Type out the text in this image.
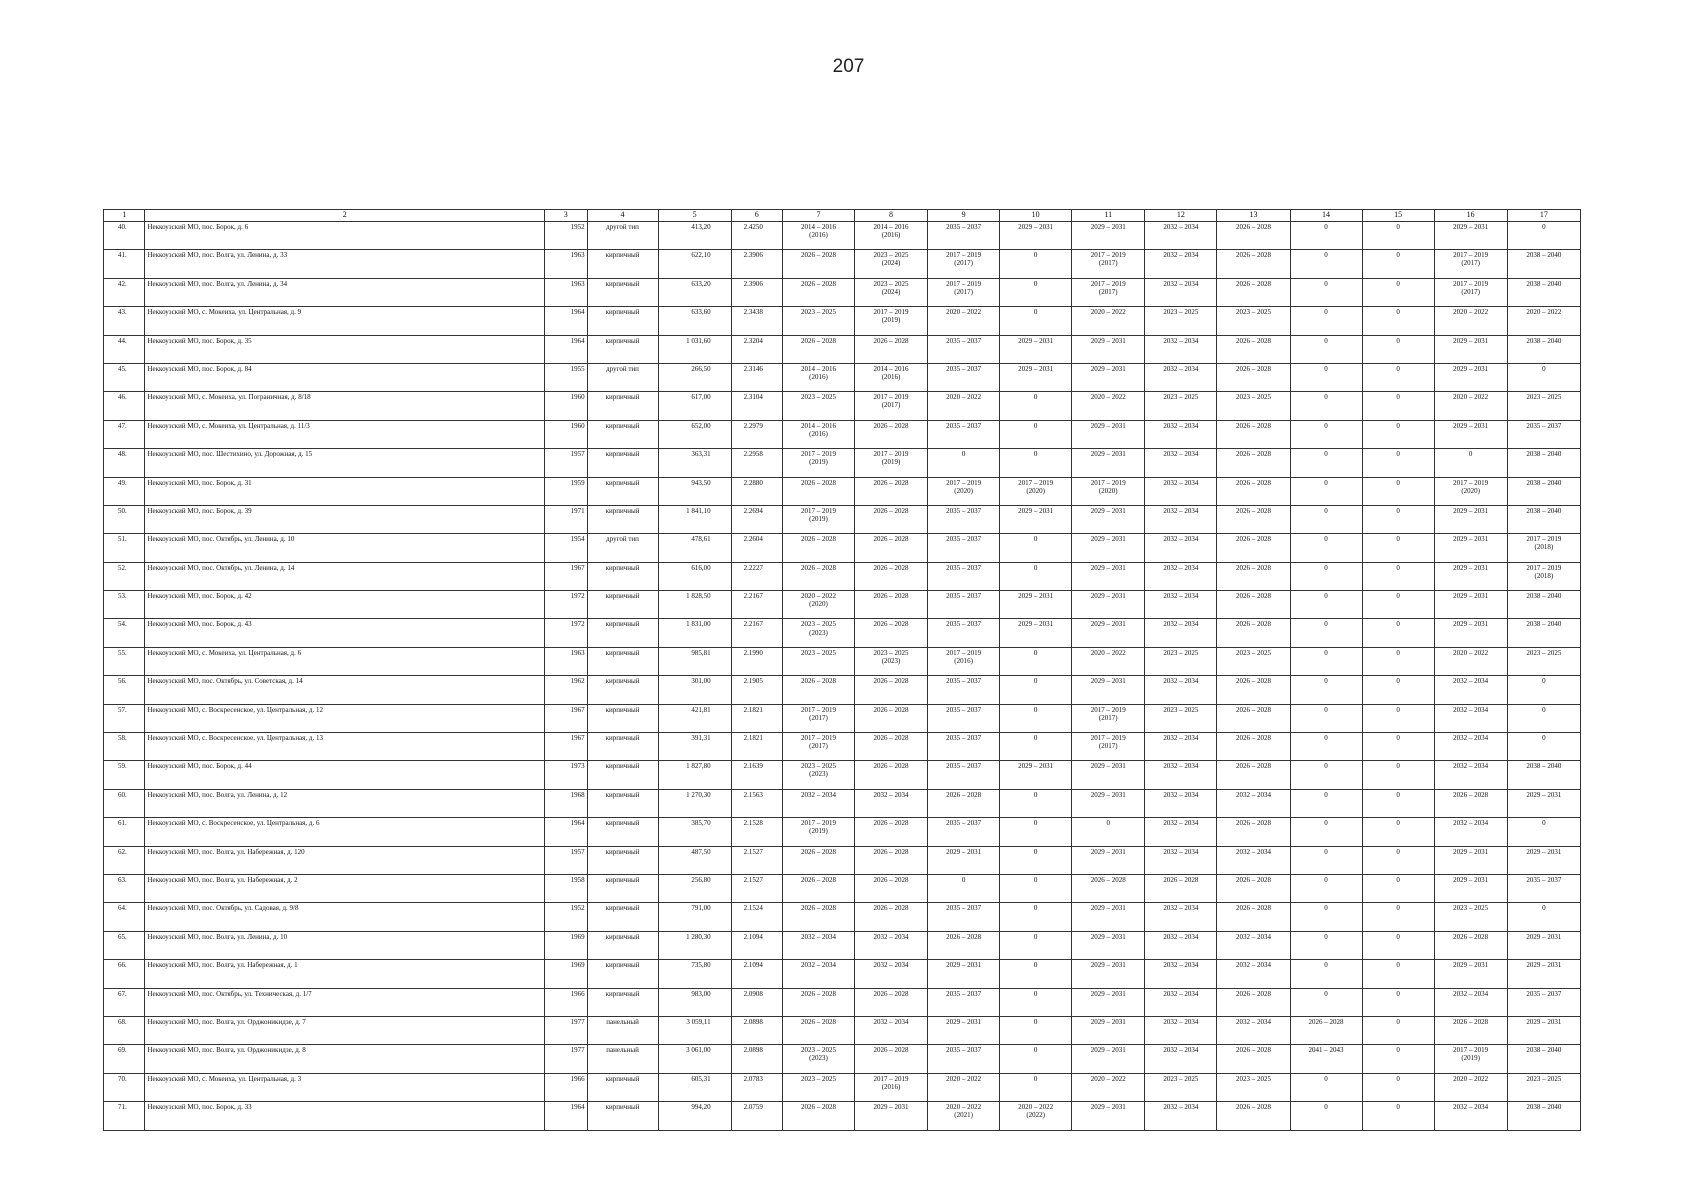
207
1	2	3	4	5	6	7	8	9	10	11	12	13	14	15	16	17
40.	Неккоузский МО, пос. Борок, д. 6	1952	другой тип	413,20	2.4250	2014 – 2016
(2016)	2014 – 2016
(2016)	2035 – 2037	2029 – 2031	2029 – 2031	2032 – 2034	2026 – 2028	0	0	2029 – 2031	0
41.	Неккоузский МО, пос. Волга, ул. Ленина, д. 33	1963	кирпичный	622,10	2.3906	2026 – 2028	2023 – 2025
(2024)	2017 – 2019
(2017)	0	2017 – 2019
(2017)	2032 – 2034	2026 – 2028	0	0	2017 – 2019
(2017)	2038 – 2040
42.	Неккоузский МО, пос. Волга, ул. Ленина, д. 34	1963	кирпичный	633,20	2.3906	2026 – 2028	2023 – 2025
(2024)	2017 – 2019
(2017)	0	2017 – 2019
(2017)	2032 – 2034	2026 – 2028	0	0	2017 – 2019
(2017)	2038 – 2040
43.	Неккоузский МО, с. Мокеиха, ул. Центральная, д. 9	1964	кирпичный	633,60	2.3438	2023 – 2025	2017 – 2019
(2019)	2020 – 2022	0	2020 – 2022	2023 – 2025	2023 – 2025	0	0	2020 – 2022	2020 – 2022
44.	Неккоузский МО, пос. Борок, д. 35	1964	кирпичный	1 031,60	2.3204	2026 – 2028	2026 – 2028	2035 – 2037	2029 – 2031	2029 – 2031	2032 – 2034	2026 – 2028	0	0	2029 – 2031	2038 – 2040
45.	Неккоузский МО, пос. Борок, д. 84	1955	другой тип	266,50	2.3146	2014 – 2016
(2016)	2014 – 2016
(2016)	2035 – 2037	2029 – 2031	2029 – 2031	2032 – 2034	2026 – 2028	0	0	2029 – 2031	0
46.	Неккоузский МО, с. Мокеиха, ул. Пограничная, д. 8/18	1960	кирпичный	617,00	2.3104	2023 – 2025	2017 – 2019
(2017)	2020 – 2022	0	2020 – 2022	2023 – 2025	2023 – 2025	0	0	2020 – 2022	2023 – 2025
47.	Неккоузский МО, с. Мокеиха, ул. Центральная, д. 11/3	1960	кирпичный	652,00	2.2979	2014 – 2016
(2016)	2026 – 2028	2035 – 2037	0	2029 – 2031	2032 – 2034	2026 – 2028	0	0	2029 – 2031	2035 – 2037
48.	Неккоузский МО, пос. Шестихино, ул. Дорожная, д. 15	1957	кирпичный	363,31	2.2958	2017 – 2019
(2019)	2017 – 2019
(2019)	0	0	2029 – 2031	2032 – 2034	2026 – 2028	0	0	0	2038 – 2040
49.	Неккоузский МО, пос. Борок, д. 31	1959	кирпичный	943,50	2.2880	2026 – 2028	2026 – 2028	2017 – 2019
(2020)	2017 – 2019
(2020)	2017 – 2019
(2020)	2032 – 2034	2026 – 2028	0	0	2017 – 2019
(2020)	2038 – 2040
50.	Неккоузский МО, пос. Борок, д. 39	1971	кирпичный	1 841,10	2.2694	2017 – 2019
(2019)	2026 – 2028	2035 – 2037	2029 – 2031	2029 – 2031	2032 – 2034	2026 – 2028	0	0	2029 – 2031	2038 – 2040
51.	Неккоузский МО, пос. Октябрь, ул. Ленина, д. 10	1954	другой тип	478,61	2.2604	2026 – 2028	2026 – 2028	2035 – 2037	0	2029 – 2031	2032 – 2034	2026 – 2028	0	0	2029 – 2031	2017 – 2019
(2018)
52.	Неккоузский МО, пос. Октябрь, ул. Ленина, д. 14	1967	кирпичный	616,00	2.2227	2026 – 2028	2026 – 2028	2035 – 2037	0	2029 – 2031	2032 – 2034	2026 – 2028	0	0	2029 – 2031	2017 – 2019
(2018)
53.	Неккоузский МО, пос. Борок, д. 42	1972	кирпичный	1 828,50	2.2167	2020 – 2022
(2020)	2026 – 2028	2035 – 2037	2029 – 2031	2029 – 2031	2032 – 2034	2026 – 2028	0	0	2029 – 2031	2038 – 2040
54.	Неккоузский МО, пос. Борок, д. 43	1972	кирпичный	1 831,00	2.2167	2023 – 2025
(2023)	2026 – 2028	2035 – 2037	2029 – 2031	2029 – 2031	2032 – 2034	2026 – 2028	0	0	2029 – 2031	2038 – 2040
55.	Неккоузский МО, с. Мокеиха, ул. Центральная, д. 6	1963	кирпичный	985,81	2.1990	2023 – 2025	2023 – 2025
(2023)	2017 – 2019
(2016)	0	2020 – 2022	2023 – 2025	2023 – 2025	0	0	2020 – 2022	2023 – 2025
56.	Неккоузский МО, пос. Октябрь, ул. Советская, д. 14	1962	кирпичный	301,00	2.1905	2026 – 2028	2026 – 2028	2035 – 2037	0	2029 – 2031	2032 – 2034	2026 – 2028	0	0	2032 – 2034	0
57.	Неккоузский МО, с. Воскресенское, ул. Центральная, д. 12	1967	кирпичный	421,81	2.1821	2017 – 2019
(2017)	2026 – 2028	2035 – 2037	0	2017 – 2019
(2017)	2023 – 2025	2026 – 2028	0	0	2032 – 2034	0
58.	Неккоузский МО, с. Воскресенское, ул. Центральная, д. 13	1967	кирпичный	391,31	2.1821	2017 – 2019
(2017)	2026 – 2028	2035 – 2037	0	2017 – 2019
(2017)	2032 – 2034	2026 – 2028	0	0	2032 – 2034	0
59.	Неккоузский МО, пос. Борок, д. 44	1973	кирпичный	1 827,80	2.1639	2023 – 2025
(2023)	2026 – 2028	2035 – 2037	2029 – 2031	2029 – 2031	2032 – 2034	2026 – 2028	0	0	2032 – 2034	2038 – 2040
60.	Неккоузский МО, пос. Волга, ул. Ленина, д. 12	1968	кирпичный	1 270,30	2.1563	2032 – 2034	2032 – 2034	2026 – 2028	0	2029 – 2031	2032 – 2034	2032 – 2034	0	0	2026 – 2028	2029 – 2031
61.	Неккоузский МО, с. Воскресенское, ул. Центральная, д. 6	1964	кирпичный	385,70	2.1528	2017 – 2019
(2019)	2026 – 2028	2035 – 2037	0	0	2032 – 2034	2026 – 2028	0	0	2032 – 2034	0
62.	Неккоузский МО, пос. Волга, ул. Набережная, д. 120	1957	кирпичный	487,50	2.1527	2026 – 2028	2026 – 2028	2029 – 2031	0	2029 – 2031	2032 – 2034	2032 – 2034	0	0	2029 – 2031	2029 – 2031
63.	Неккоузский МО, пос. Волга, ул. Набережная, д. 2	1958	кирпичный	256,80	2.1527	2026 – 2028	2026 – 2028	0	0	2026 – 2028	2026 – 2028	2026 – 2028	0	0	2029 – 2031	2035 – 2037
64.	Неккоузский МО, пос. Октябрь, ул. Садовая, д. 9/8	1952	кирпичный	791,00	2.1524	2026 – 2028	2026 – 2028	2035 – 2037	0	2029 – 2031	2032 – 2034	2026 – 2028	0	0	2023 – 2025	0
65.	Неккоузский МО, пос. Волга, ул. Ленина, д. 10	1969	кирпичный	1 280,30	2.1094	2032 – 2034	2032 – 2034	2026 – 2028	0	2029 – 2031	2032 – 2034	2032 – 2034	0	0	2026 – 2028	2029 – 2031
66.	Неккоузский МО, пос. Волга, ул. Набережная, д. 1	1969	кирпичный	735,80	2.1094	2032 – 2034	2032 – 2034	2029 – 2031	0	2029 – 2031	2032 – 2034	2032 – 2034	0	0	2029 – 2031	2029 – 2031
67.	Неккоузский МО, пос. Октябрь, ул. Техническая, д. 1/7	1966	кирпичный	983,00	2.0908	2026 – 2028	2026 – 2028	2035 – 2037	0	2029 – 2031	2032 – 2034	2026 – 2028	0	0	2032 – 2034	2035 – 2037
68.	Неккоузский МО, пос. Волга, ул. Орджоникидзе, д. 7	1977	панельный	3 059,11	2.0898	2026 – 2028	2032 – 2034	2029 – 2031	0	2029 – 2031	2032 – 2034	2032 – 2034	2026 – 2028	0	2026 – 2028	2029 – 2031
69.	Неккоузский МО, пос. Волга, ул. Орджоникидзе, д. 8	1977	панельный	3 061,00	2.0898	2023 – 2025
(2023)	2026 – 2028	2035 – 2037	0	2029 – 2031	2032 – 2034	2026 – 2028	2041 – 2043	0	2017 – 2019
(2019)	2038 – 2040
70.	Неккоузский МО, с. Мокеиха, ул. Центральная, д. 3	1966	кирпичный	605,31	2.0783	2023 – 2025	2017 – 2019
(2016)	2020 – 2022	0	2020 – 2022	2023 – 2025	2023 – 2025	0	0	2020 – 2022	2023 – 2025
71.	Неккоузский МО, пос. Борок, д. 33	1964	кирпичный	994,20	2.0759	2026 – 2028	2029 – 2031	2020 – 2022
(2021)	2020 – 2022
(2022)	2029 – 2031	2032 – 2034	2026 – 2028	0	0	2032 – 2034	2038 – 2040
